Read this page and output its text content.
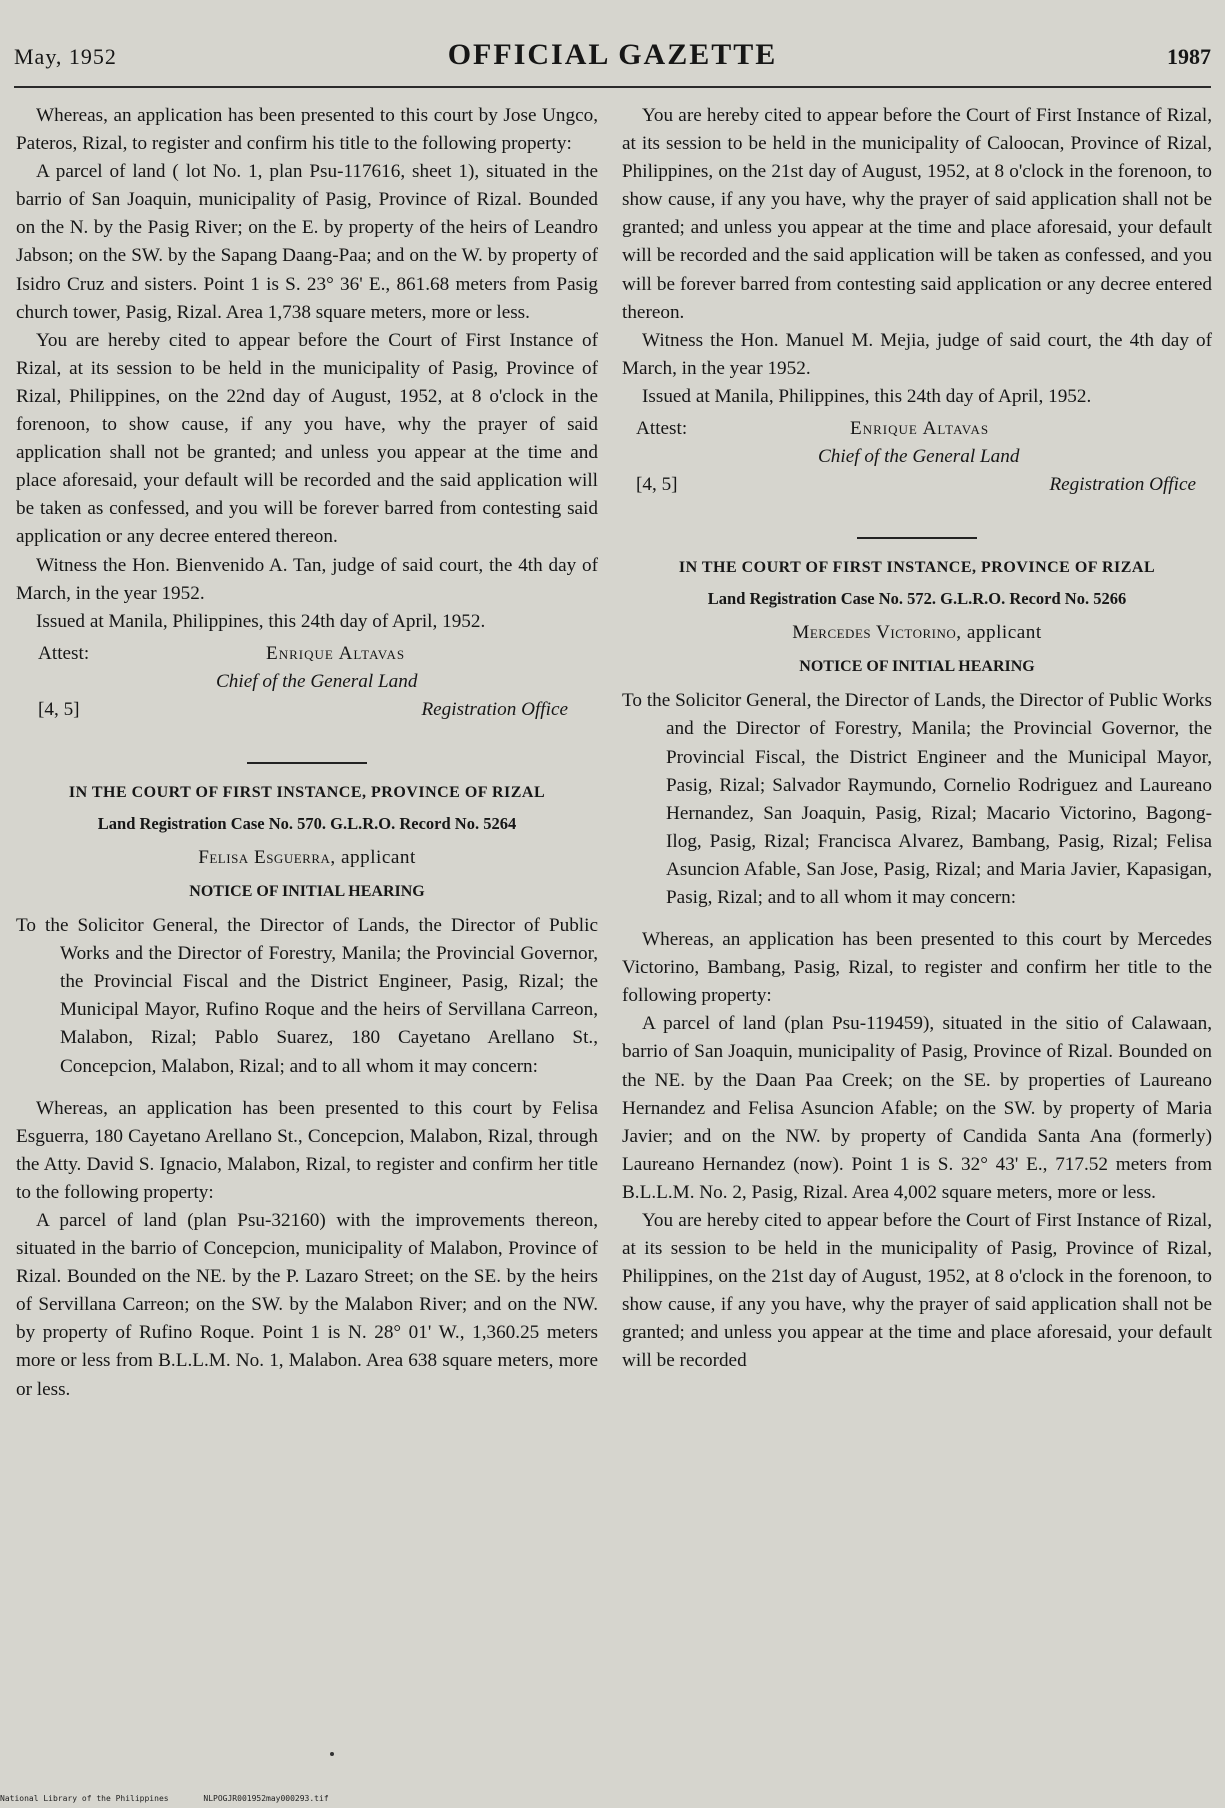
May, 1952	OFFICIAL GAZETTE	1987

Whereas, an application has been presented to this court by Jose Ungco, Pateros, Rizal, to register and confirm his title to the following property:

A parcel of land ( lot No. 1, plan Psu-117616, sheet 1), situated in the barrio of San Joaquin, municipality of Pasig, Province of Rizal. Bounded on the N. by the Pasig River; on the E. by property of the heirs of Leandro Jabson; on the SW. by the Sapang Daang-Paa; and on the W. by property of Isidro Cruz and sisters. Point 1 is S. 23° 36' E., 861.68 meters from Pasig church tower, Pasig, Rizal. Area 1,738 square meters, more or less.

You are hereby cited to appear before the Court of First Instance of Rizal, at its session to be held in the municipality of Pasig, Province of Rizal, Philippines, on the 22nd day of August, 1952, at 8 o'clock in the forenoon, to show cause, if any you have, why the prayer of said application shall not be granted; and unless you appear at the time and place aforesaid, your default will be recorded and the said application will be taken as confessed, and you will be forever barred from contesting said application or any decree entered thereon.

Witness the Hon. Bienvenido A. Tan, judge of said court, the 4th day of March, in the year 1952.

Issued at Manila, Philippines, this 24th day of April, 1952.

Attest:	Enrique Altavas
Chief of the General Land
[4, 5]	Registration Office
IN THE COURT OF FIRST INSTANCE, PROVINCE OF RIZAL
Land Registration Case No. 570. G.L.R.O. Record No. 5264
Felisa Esguerra, applicant
NOTICE OF INITIAL HEARING

To the Solicitor General, the Director of Lands, the Director of Public Works and the Director of Forestry, Manila; the Provincial Governor, the Provincial Fiscal and the District Engineer, Pasig, Rizal; the Municipal Mayor, Rufino Roque and the heirs of Servillana Carreon, Malabon, Rizal; Pablo Suarez, 180 Cayetano Arellano St., Concepcion, Malabon, Rizal; and to all whom it may concern:

Whereas, an application has been presented to this court by Felisa Esguerra, 180 Cayetano Arellano St., Concepcion, Malabon, Rizal, through the Atty. David S. Ignacio, Malabon, Rizal, to register and confirm her title to the following property:

A parcel of land (plan Psu-32160) with the improvements thereon, situated in the barrio of Concepcion, municipality of Malabon, Province of Rizal. Bounded on the NE. by the P. Lazaro Street; on the SE. by the heirs of Servillana Carreon; on the SW. by the Malabon River; and on the NW. by property of Rufino Roque. Point 1 is N. 28° 01' W., 1,360.25 meters more or less from B.L.L.M. No. 1, Malabon. Area 638 square meters, more or less.

You are hereby cited to appear before the Court of First Instance of Rizal, at its session to be held in the municipality of Caloocan, Province of Rizal, Philippines, on the 21st day of August, 1952, at 8 o'clock in the forenoon, to show cause, if any you have, why the prayer of said application shall not be granted; and unless you appear at the time and place aforesaid, your default will be recorded and the said application will be taken as confessed, and you will be forever barred from contesting said application or any decree entered thereon.

Witness the Hon. Manuel M. Mejia, judge of said court, the 4th day of March, in the year 1952.

Issued at Manila, Philippines, this 24th day of April, 1952.

Attest:	Enrique Altavas
Chief of the General Land
[4, 5]	Registration Office
IN THE COURT OF FIRST INSTANCE, PROVINCE OF RIZAL
Land Registration Case No. 572. G.L.R.O. Record No. 5266
Mercedes Victorino, applicant
NOTICE OF INITIAL HEARING

To the Solicitor General, the Director of Lands, the Director of Public Works and the Director of Forestry, Manila; the Provincial Governor, the Provincial Fiscal, the District Engineer and the Municipal Mayor, Pasig, Rizal; Salvador Raymundo, Cornelio Rodriguez and Laureano Hernandez, San Joaquin, Pasig, Rizal; Macario Victorino, Bagong-Ilog, Pasig, Rizal; Francisca Alvarez, Bambang, Pasig, Rizal; Felisa Asuncion Afable, San Jose, Pasig, Rizal; and Maria Javier, Kapasigan, Pasig, Rizal; and to all whom it may concern:

Whereas, an application has been presented to this court by Mercedes Victorino, Bambang, Pasig, Rizal, to register and confirm her title to the following property:

A parcel of land (plan Psu-119459), situated in the sitio of Calawaan, barrio of San Joaquin, municipality of Pasig, Province of Rizal. Bounded on the NE. by the Daan Paa Creek; on the SE. by properties of Laureano Hernandez and Felisa Asuncion Afable; on the SW. by property of Maria Javier; and on the NW. by property of Candida Santa Ana (formerly) Laureano Hernandez (now). Point 1 is S. 32° 43' E., 717.52 meters from B.L.L.M. No. 2, Pasig, Rizal. Area 4,002 square meters, more or less.

You are hereby cited to appear before the Court of First Instance of Rizal, at its session to be held in the municipality of Pasig, Province of Rizal, Philippines, on the 21st day of August, 1952, at 8 o'clock in the forenoon, to show cause, if any you have, why the prayer of said application shall not be granted; and unless you appear at the time and place aforesaid, your default will be recorded

National Library of the Philippines	NLPOGJR001952may000293.tif
